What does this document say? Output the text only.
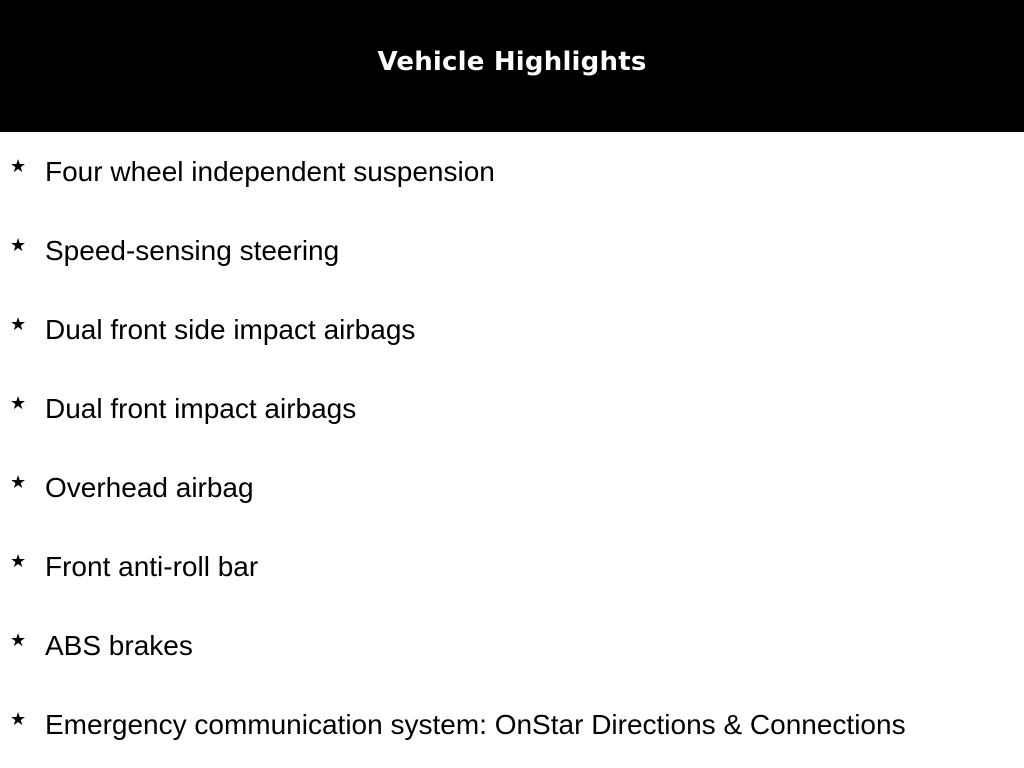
Vehicle Highlights
★ Four wheel independent suspension
★ Speed-sensing steering
★ Dual front side impact airbags
★ Dual front impact airbags
★ Overhead airbag
★ Front anti-roll bar
★ ABS brakes
★ Emergency communication system: OnStar Directions & Connections
